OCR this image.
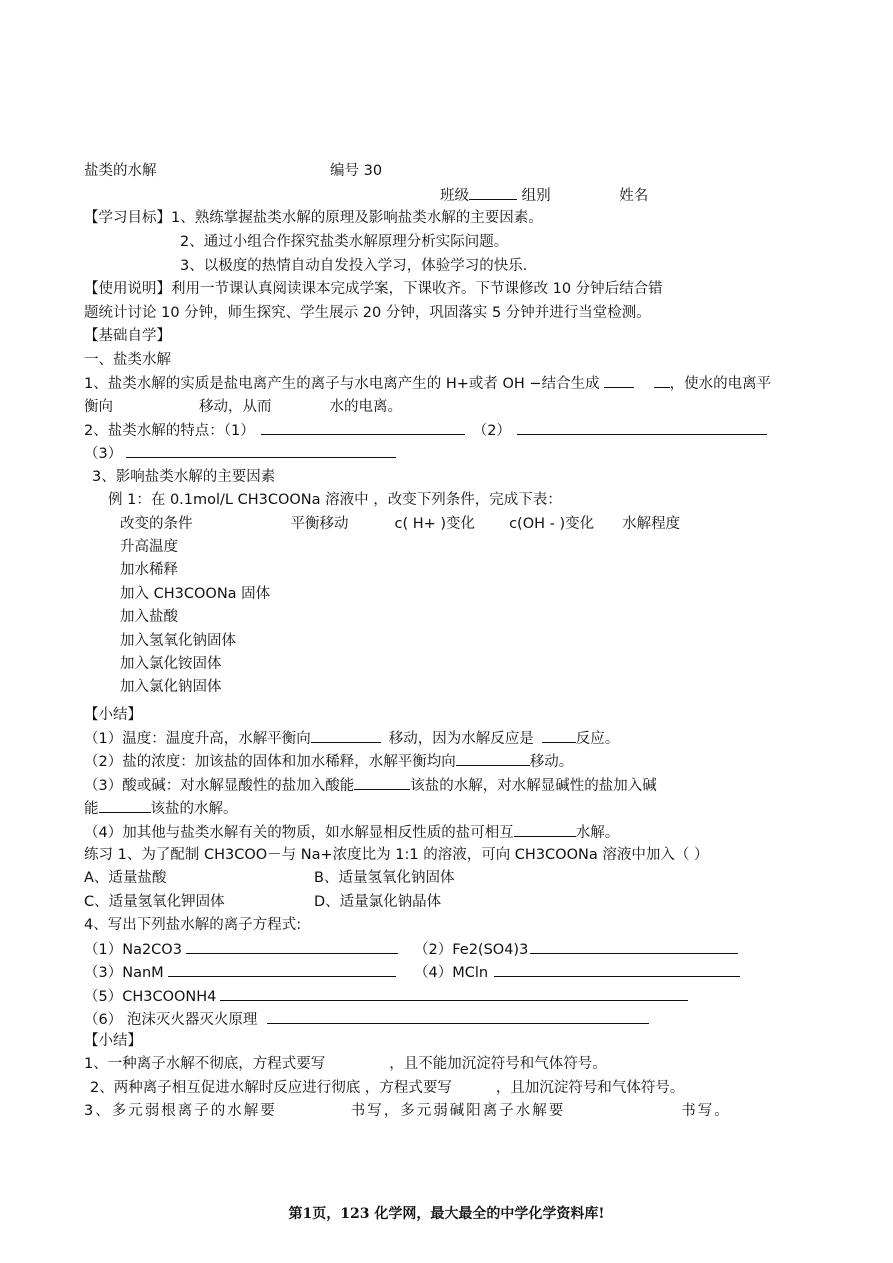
盐类的水解	编号 30
班级	组别	姓名
【学习目标】1、熟练掌握盐类水解的原理及影响盐类水解的主要因素。
2、通过小组合作探究盐类水解原理分析实际问题。
3、以极度的热情自动自发投入学习，体验学习的快乐.
【使用说明】利用一节课认真阅读课本完成学案，下课收齐。下节课修改 10 分钟后结合错
题统计讨论 10 分钟，师生探究、学生展示 20 分钟，巩固落实 5 分钟并进行当堂检测。
【基础自学】
一、盐类水解
1、盐类水解的实质是盐电离产生的离子与水电离产生的 H+或者 OH −结合生成	，使水的电离平
衡向	移动，从而	水的电离。
2、盐类水解的特点：（1）	（2）
（3）
3、影响盐类水解的主要因素
例 1：在 0.1mol/L CH3COONa 溶液中 ，改变下列条件，完成下表：
改变的条件	平衡移动	c( H+ )变化 c(OH - )变化 水解程度
升高温度
加水稀释
加入 CH3COONa 固体
加入盐酸
加入氢氧化钠固体
加入氯化铵固体
加入氯化钠固体
【小结】
（1）温度：温度升高，水解平衡向	移动，因为水解反应是	反应。
（2）盐的浓度：加该盐的固体和加水稀释，水解平衡均向	移动。
（3）酸或碱：对水解显酸性的盐加入酸能	该盐的水解，对水解显碱性的盐加入碱
能	该盐的水解。
（4）加其他与盐类水解有关的物质，如水解显相反性质的盐可相互	水解。
练习 1、为了配制 CH3COO－与 Na+浓度比为 1:1 的溶液，可向 CH3COONa 溶液中加入（ ）
A、适量盐酸	B、适量氢氧化钠固体
C、适量氢氧化钾固体	D、适量氯化钠晶体
4、写出下列盐水解的离子方程式:
（1）Na2CO3	（2）Fe2(SO4)3
（3）NanM	（4）MCln
（5）CH3COONH4
（6） 泡沫灭火器灭火原理
【小结】
1、一种离子水解不彻底，方程式要写	，且不能加沉淀符号和气体符号。
2、两种离子相互促进水解时反应进行彻底 ，方程式要写	，且加沉淀符号和气体符号。
3、多元弱根离子的水解要	书写，多元弱碱阳离子水解要	书写。
第1页，123 化学网，最大最全的中学化学资料库!
